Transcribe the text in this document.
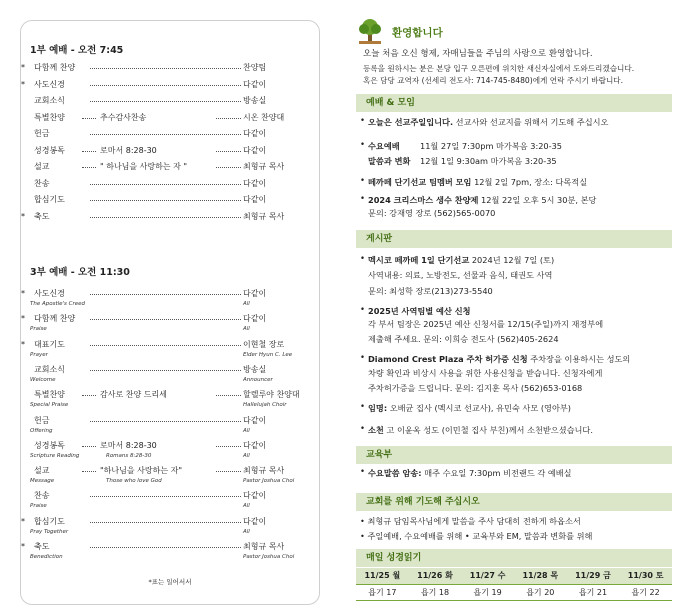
1부 예배 - 오전 7:45
* 다함께 찬양	찬양팀
* 사도신경	다같이
교회소식	방송실
특별찬양	추수감사찬송	시온 찬양대
헌금	다같이
성경봉독	로마서 8:28-30	다같이
설교	" 하나님을 사랑하는 자 "	최형규 목사
찬송	다같이
합심기도	다같이
* 축도	최형규 목사
3부 예배 - 오전 11:30
* 사도신경	다같이
The Apostle's Creed	All
* 다함께 찬양	다같이
Praise	All
* 대표기도	이현철 장로
Prayer	Elder Hyun C. Lee
교회소식	방송실
Welcome	Announcer
특별찬양	감사로 찬양 드리세	할렐루야 찬양대
Special Praise	Hallelujah Choir
헌금	다같이
Offering	All
성경봉독	로마서 8:28-30	다같이
Scripture Reading	Romans 8:28-30	All
설교	"하나님을 사랑하는 자"	최형규 목사
Message	Those who love God	Pastor Joshua Choi
찬송	다같이
Praise	All
* 합심기도	다같이
Pray Together	All
* 축도	최형규 목사
Benediction	Pastor Joshua Choi
*표는 일어서서
환영합니다
오늘 처음 오신 형제, 자매님들을 주님의 사랑으로 환영합니다.
등록을 원하시는 분은 본당 입구 오른편에 위치한 새신자실에서 도와드리겠습니다.
혹은 담당 교역자 (선세리 전도사: 714-745-8480)에게 연락 주시기 바랍니다.
예배 & 모임
• 오늘은 선교주일입니다. 선교사와 선교지를 위해서 기도해 주십시오
• 수요예배 11월 27일 7:30pm 마가복음 3:20-35
말씀과 변화 12월 1일 9:30am 마가복음 3:20-35
• 떼까떼 단기선교 팀멤버 모임 12월 2일 7pm, 장소: 다목적실
• 2024 크리스마스 생수 찬양제 12월 22일 오후 5시 30분, 본당
문의: 강재영 장로 (562)565-0070
게시판
• 멕시코 떼까떼 1일 단기선교 2024년 12월 7일 (토)
사역내용: 의료, 노방전도, 선물과 음식, 태권도 사역
문의: 최성학 장로(213)273-5540
• 2025년 사역팀별 예산 신청
각 부서 팀장은 2025년 예산 신청서를 12/15(주일)까지 재정부에
제출해 주세요. 문의: 이희승 전도사 (562)405-2624
• Diamond Crest Plaza 주차 허가증 신청 주차장을 이용하시는 성도의
차량 확인과 비상시 사용을 위한 사용신청을 받습니다. 신청자에게
주차허가증을 드립니다. 문의: 김지훈 목사 (562)653-0168
• 임명: 오배균 집사 (멕시코 선교사), 유민숙 사모 (영아부)
• 소천 고 이윤옥 성도 (이민철 집사 부친)께서 소천받으셨습니다.
교육부
• 수요말씀 암송: 매주 수요일 7:30pm 비전랜드 각 예배실
교회를 위해 기도해 주십시오
• 최형규 담임목사님에게 말씀을 주사 담대히 전하게 하옵소서
• 주일예배, 수요예배를 위해 • 교육부와 EM, 말씀과 변화를 위해
매일 성경읽기
11/25 월	11/26 화	11/27 수	11/28 목	11/29 금	11/30 토
욥기 17	욥기 18	욥기 19	욥기 20	욥기 21	욥기 22
